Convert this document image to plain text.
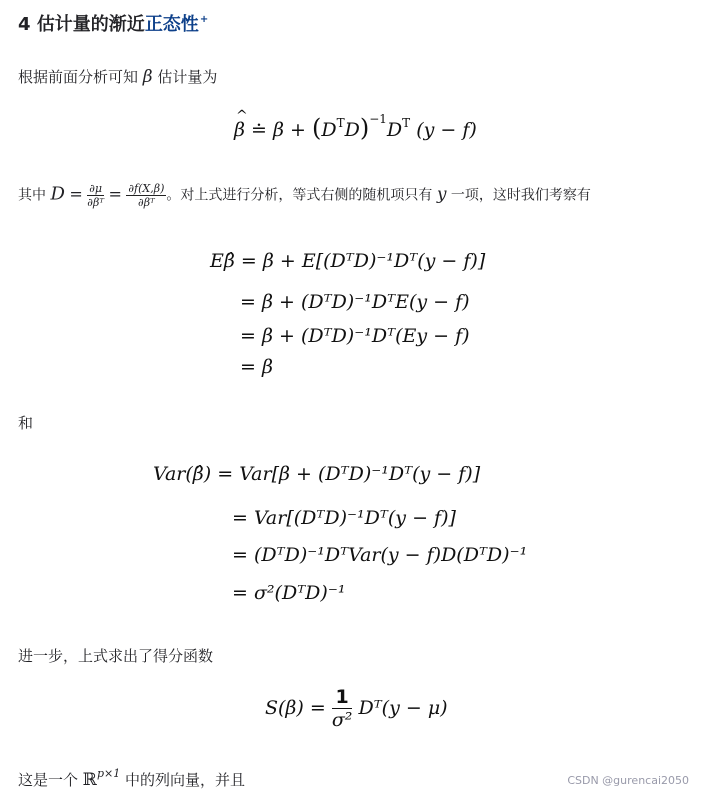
4 估计量的渐近正态性+
根据前面分析可知 β 估计量为
^ β ≐ $\beta + (D^TD)^{-1}D^T$ (y − f)
其中 $D = \frac{\partial\mu}{\text{∂βᵀ}} = \frac{\partial f(X,\beta)}{\text{∂βᵀ}}$ 。对上式进行分析，等式右侧的随机项只有 y 一项，这时我们考察有
Eβ̂ = β + E[(DᵀD)⁻¹Dᵀ(y − f)]
= β + (DᵀD)⁻¹DᵀE(y − f)
= β + (DᵀD)⁻¹Dᵀ(Ey − f)
= β
和
Var(β̂) = Var[β + (DᵀD)⁻¹Dᵀ(y − f)]
= Var[(DᵀD)⁻¹Dᵀ(y − f)]
= (DᵀD)⁻¹DᵀVar(y − f)D(DᵀD)⁻¹
= σ²(DᵀD)⁻¹
进一步，上式求出了得分函数
$S(\beta) = \frac{1}{\text{σ²}}$ Dᵀ(y − μ)
这是一个 ℝ$^{p\times 1}$ 中的列向量，并且	CSDN @gurencai2050
